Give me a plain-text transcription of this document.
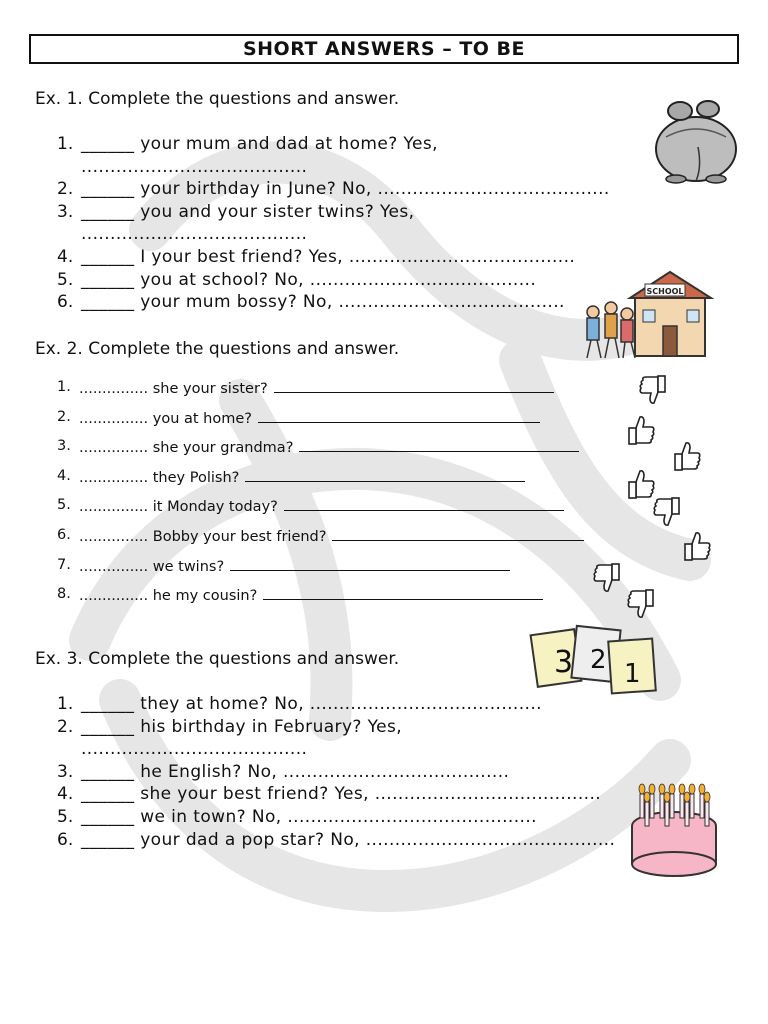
SHORT ANSWERS – TO BE
Ex. 1. Complete the questions and answer.
1. ______ your mum and dad at home? Yes,
.......................................
2. ______ your birthday in June? No, ........................................
3. ______ you and your sister twins? Yes,
.......................................
4. ______ I your best friend? Yes, .......................................
5. ______ you at school? No, .......................................
6. ______ your mum bossy? No, .......................................
Ex. 2. Complete the questions and answer.
1. ............... she your sister?
2. ............... you at home?
3. ............... she your grandma?
4. ............... they Polish?
5. ............... it Monday today?
6. ............... Bobby your best friend?
7. ............... we twins?
8. ............... he my cousin?
Ex. 3. Complete the questions and answer.
1. ______ they at home? No, ........................................
2. ______ his birthday in February? Yes,
.......................................
3. ______ he English? No, .......................................
4. ______ she your best friend? Yes, .......................................
5. ______ we in town? No, ...........................................
6. ______ your dad a pop star? No, ...........................................
SCHOOL
3 2 1
